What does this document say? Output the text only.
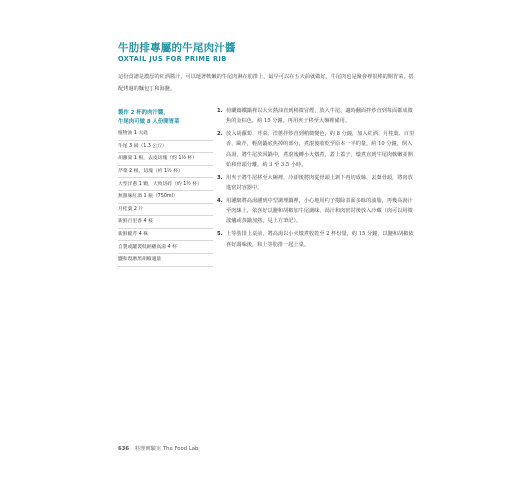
牛肋排專屬的牛尾肉汁醬
OXTAIL JUS FOR PRIME RIB
這份食譜是濃厚的紅酒醬汁，可以運著軟嫩的牛尾肉淋在肋排上，最早可以在五天前就做好。牛尾肉也是聚會裡很棒的開胃菜，搭配烤過的麵包丁和海鹽。
製作 2 杯的肉汁醬，
牛尾肉可做 8 人份開胃菜
植物油 1 大匙
牛尾 3 磅（1.3 公斤）
胡蘿蔔 1 根，去皮切塊（約 1½ 杯）
芹菜 2 根，切塊（約 1½ 杯）
大型洋蔥 1 顆，大致切碎（約 1½ 杯）
無甜味紅酒 1 瓶（750ml）
月桂葉 2 片
新鮮百里香 4 枝
新鮮歐芹 4 株
自製或罐裝低鈉雞高湯 4 杯
鹽和現磨黑胡椒適量
1. 荷蘭鑄鐵鍋裡以大火熱油直到稍微冒煙，放入牛尾，適時翻面拌炒直到每面都成微焦的金棕色，約 15 分鐘。再用夾子移至大盤裡備用。
2. 放入胡蘿蔔、芹菜、洋蔥拌炒直到稍微變色，約 8 分鐘，加入紅酒、月桂葉、百里香、歐芹，輕刮鍋底焦掉的部分，煮滾後收乾至原本一半的量，約 10 分鐘，倒入高湯，將牛尾放回鍋中，煮滾後轉小火燉煮，蓋上蓋子，燉煮直到牛尾肉軟嫩並開始和骨頭分離，約 3 至 3.5 小時。
3. 用夾子將牛尾移至大碗裡，冷卻後將肉從骨頭上剝下再切成絲，丟棄骨頭，將肉放進密封容器中。
4. 用濾網將高湯濾到中型調理鍋裡，小心地用杓子撈除表面多餘的油脂，再幾高湯汁至肉絲上，依喜好以鹽和胡椒加牛尾調味，湯汁和肉密封後放入冷藏（肉可以用微波爐或蒸鍋加熱，見上方筆記）。
5. 上等肋排上桌前，將高湯以小火燉煮收乾至 2 杯份量，約 15 分鐘，以鹽和胡椒依喜好調味後，和上等肋排一起上桌。
636 料理實驗室 The Food Lab
